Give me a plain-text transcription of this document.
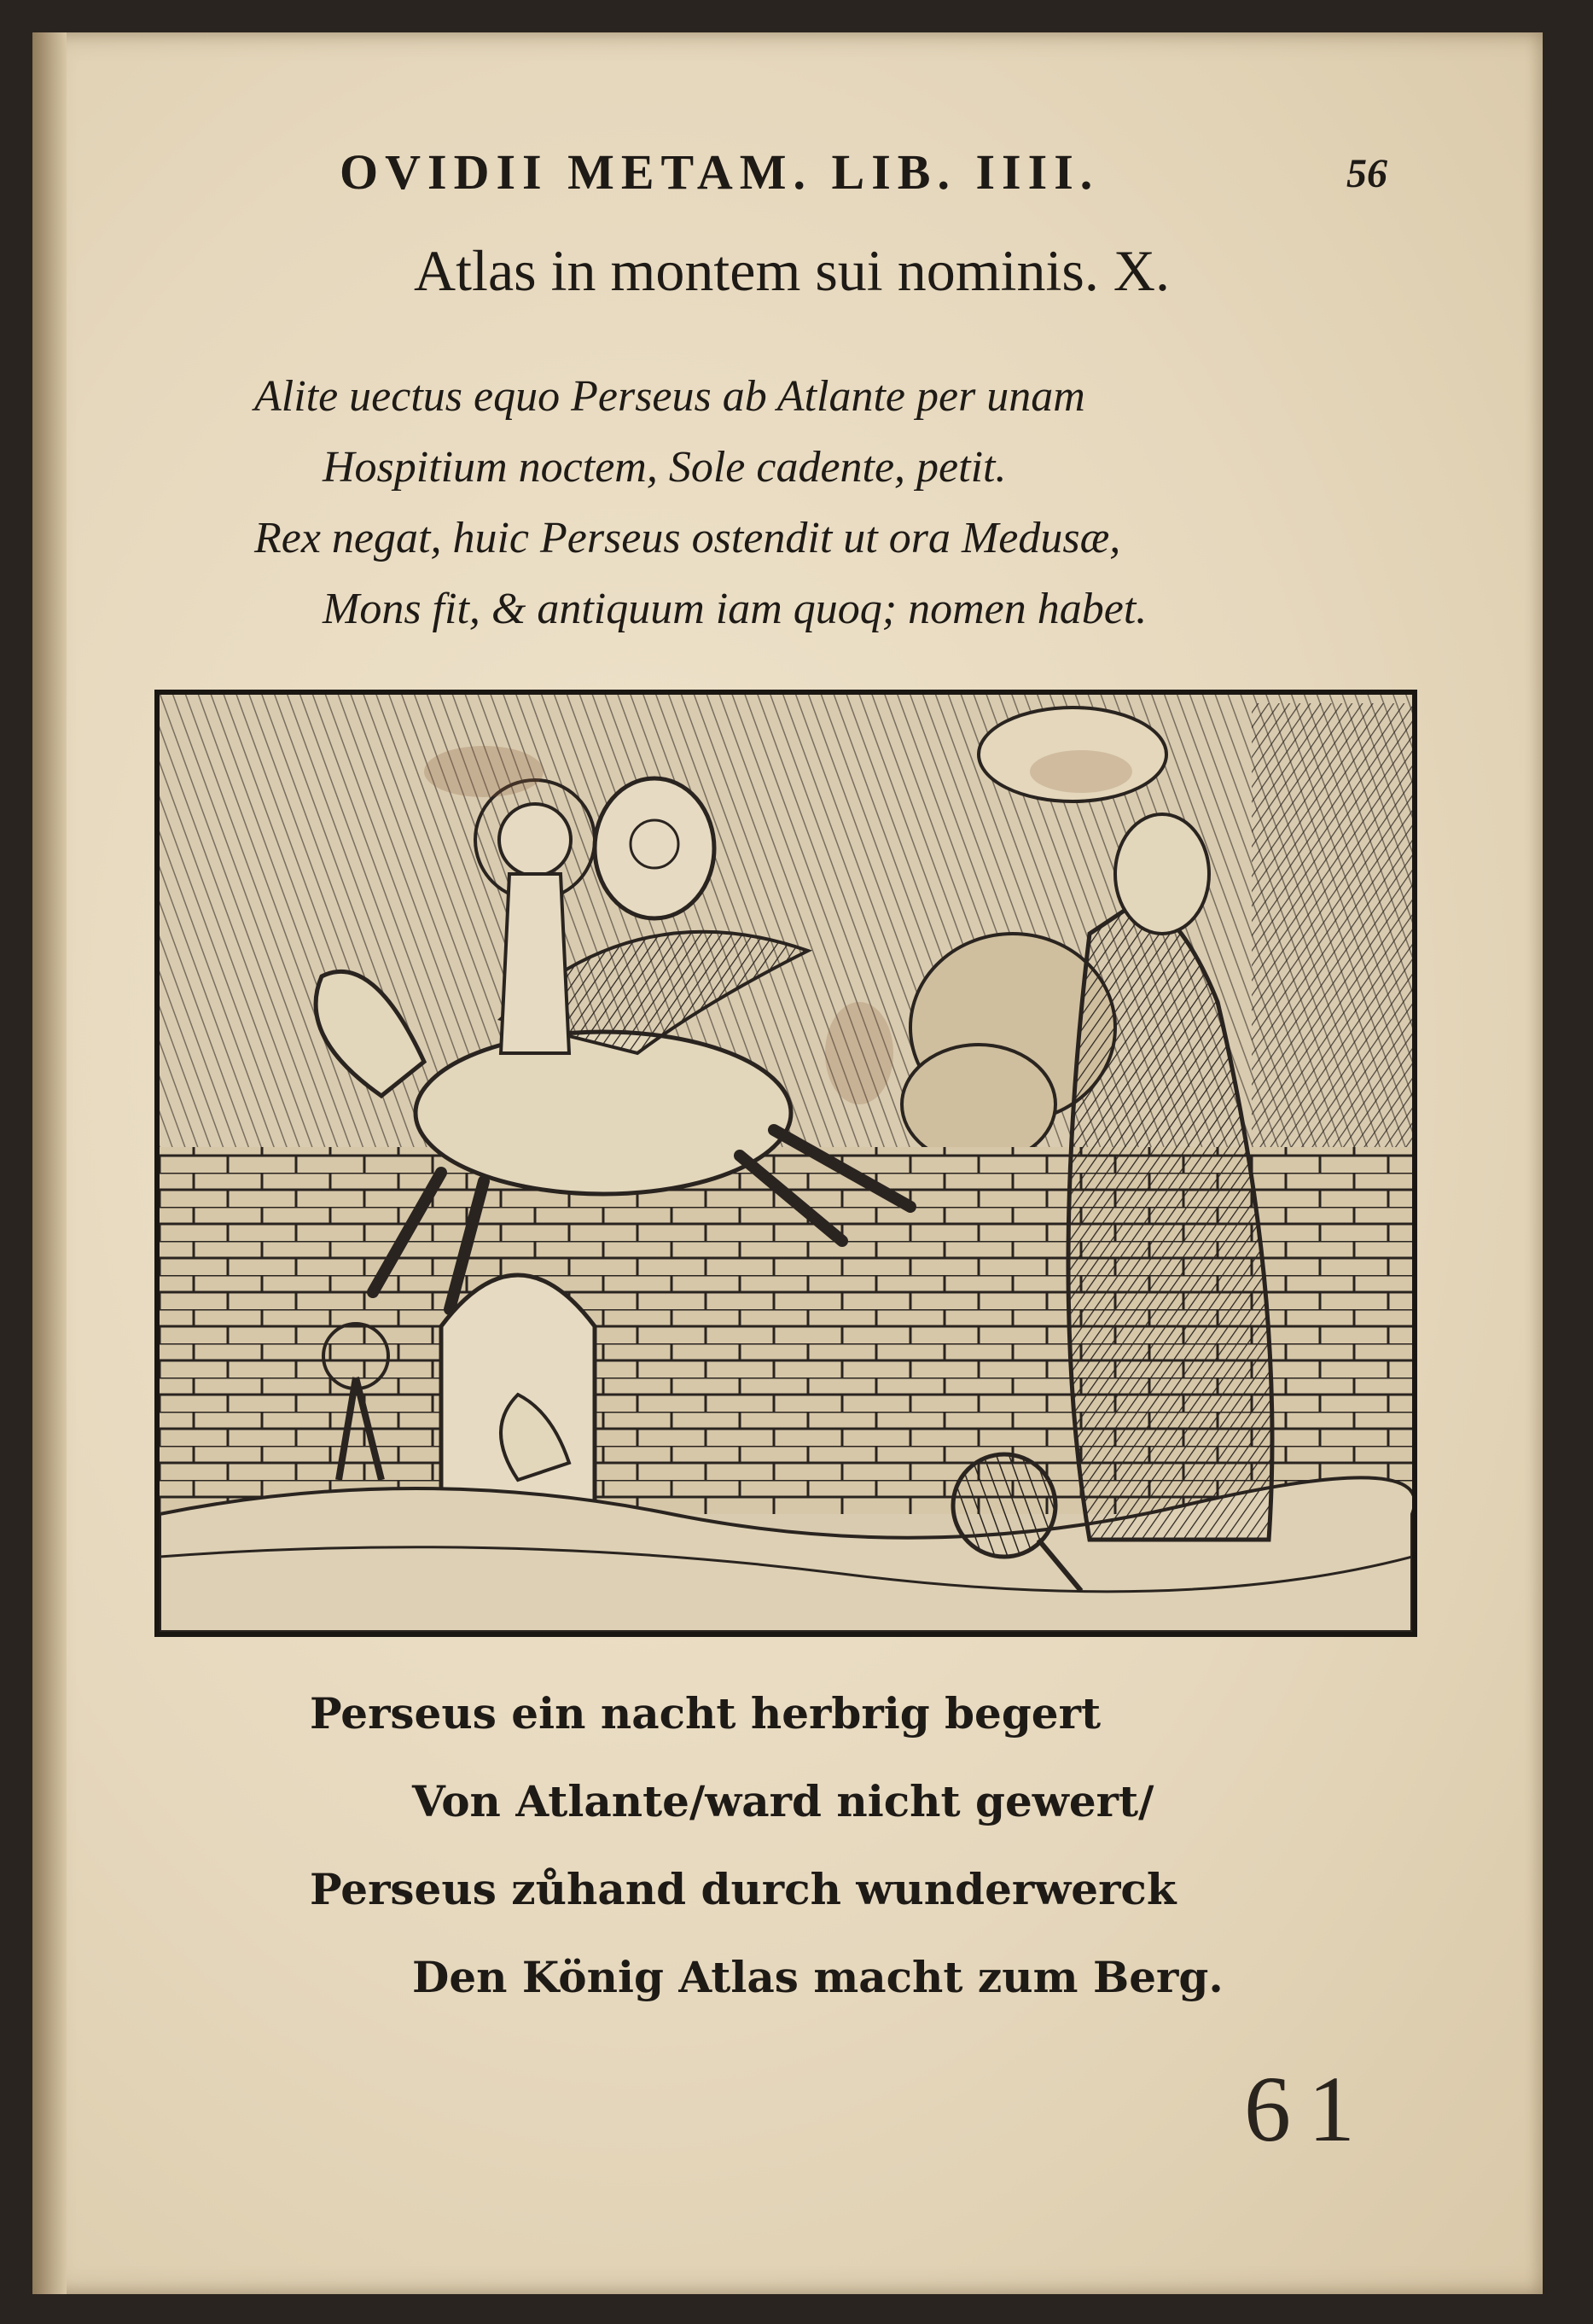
OVIDII METAM. LIB. IIII.	56
Atlas in montem sui nominis. X.
Alite uectus equo Perseus ab Atlante per unam
Hospitium noctem, Sole cadente, petit.
Rex negat, huic Perseus ostendit ut ora Medusæ,
Mons fit, & antiquum iam quoq; nomen habet.
Perseus ein nacht herbrig begert
Von Atlante/ward nicht gewert/
Perseus zůhand durch wunderwerck
Den König Atlas macht zum Berg.
61
